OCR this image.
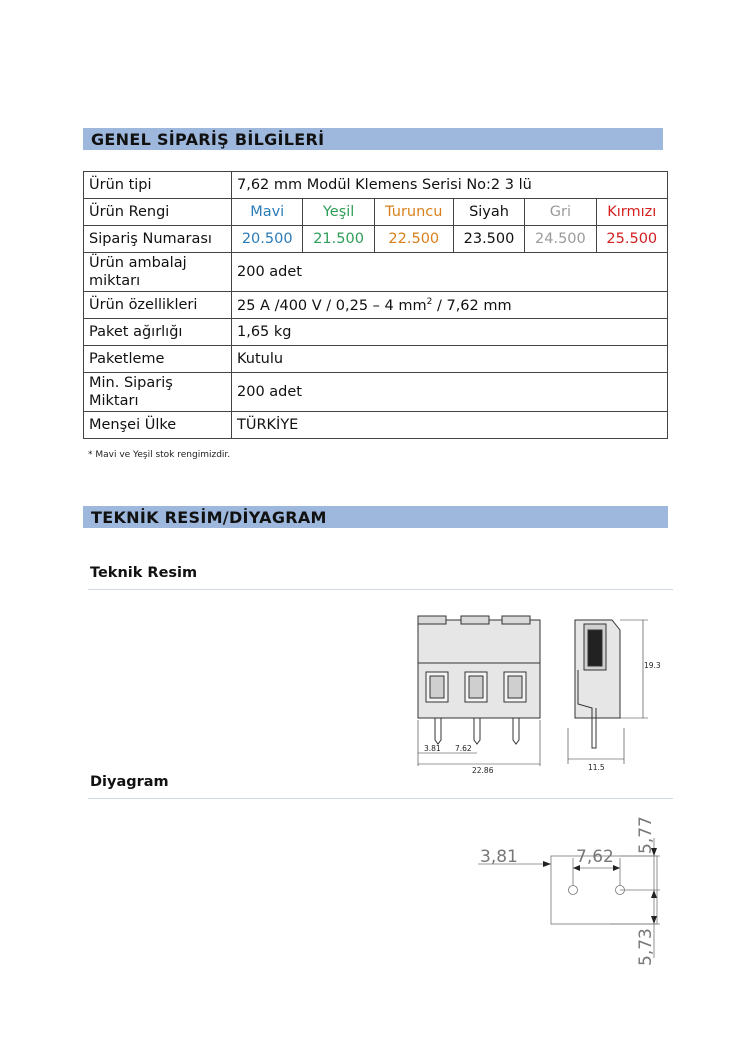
GENEL SİPARİŞ BİLGİLERİ
Ürün tipi	7,62 mm Modül Klemens Serisi No:2 3 lü					
Ürün Rengi	Mavi	Yeşil	Turuncu	Siyah	Gri	Kırmızı
Sipariş Numarası	20.500	21.500	22.500	23.500	24.500	25.500
Ürün ambalaj
miktarı	200 adet					
Ürün özellikleri	25 A /400 V / 0,25 – 4 $mm^2 / 7,62$ mm					
Paket ağırlığı	1,65 kg					
Paketleme	Kutulu					
Min. Sipariş
Miktarı	200 adet					
Menşei Ülke	TÜRKİYE					
* Mavi ve Yeşil stok rengimizdir.
TEKNİK RESİM/DİYAGRAM
Teknik Resim
3.81 7.62
22.86
19.3
11.5
Diyagram
3,81	7,62
5,77
5,73
